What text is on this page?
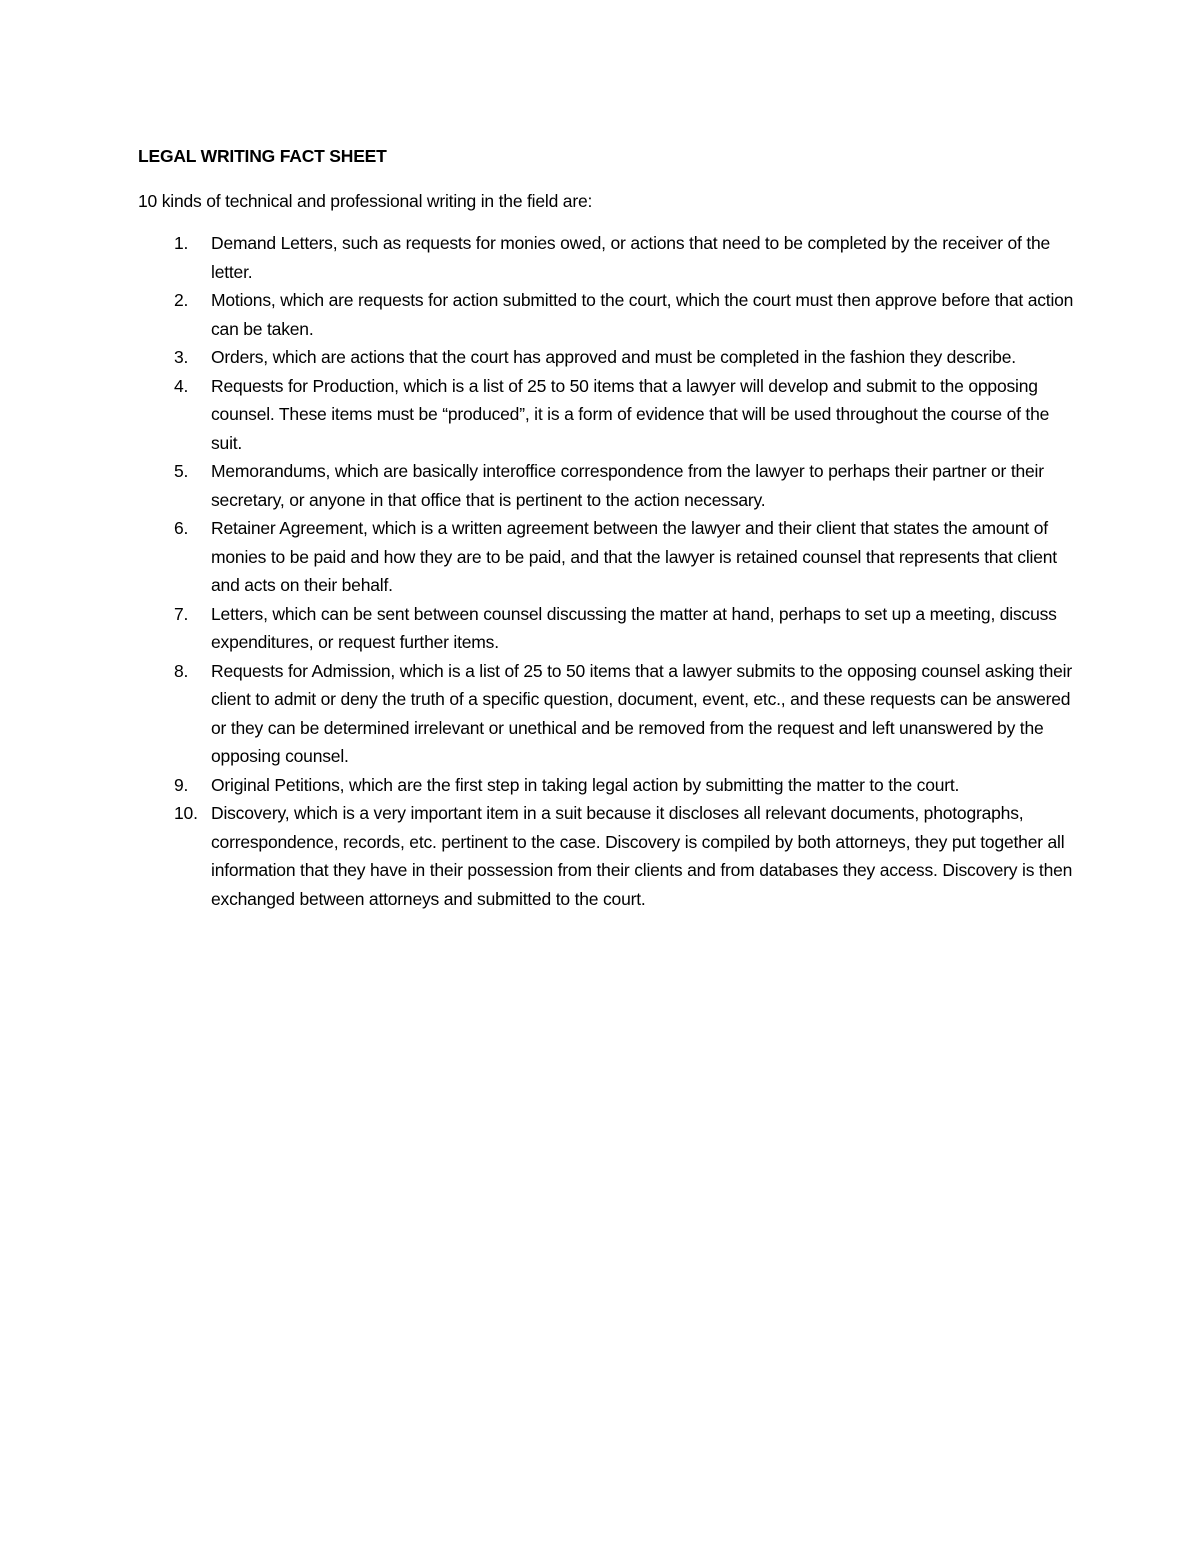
LEGAL WRITING FACT SHEET
10 kinds of technical and professional writing in the field are:
1. Demand Letters, such as requests for monies owed, or actions that need to be completed by the receiver of the letter.
2. Motions, which are requests for action submitted to the court, which the court must then approve before that action can be taken.
3. Orders, which are actions that the court has approved and must be completed in the fashion they describe.
4. Requests for Production, which is a list of 25 to 50 items that a lawyer will develop and submit to the opposing counsel. These items must be “produced”, it is a form of evidence that will be used throughout the course of the suit.
5. Memorandums, which are basically interoffice correspondence from the lawyer to perhaps their partner or their secretary, or anyone in that office that is pertinent to the action necessary.
6. Retainer Agreement, which is a written agreement between the lawyer and their client that states the amount of monies to be paid and how they are to be paid, and that the lawyer is retained counsel that represents that client and acts on their behalf.
7. Letters, which can be sent between counsel discussing the matter at hand, perhaps to set up a meeting, discuss expenditures, or request further items.
8. Requests for Admission, which is a list of 25 to 50 items that a lawyer submits to the opposing counsel asking their client to admit or deny the truth of a specific question, document, event, etc., and these requests can be answered or they can be determined irrelevant or unethical and be removed from the request and left unanswered by the opposing counsel.
9. Original Petitions, which are the first step in taking legal action by submitting the matter to the court.
10. Discovery, which is a very important item in a suit because it discloses all relevant documents, photographs, correspondence, records, etc. pertinent to the case. Discovery is compiled by both attorneys, they put together all information that they have in their possession from their clients and from databases they access. Discovery is then exchanged between attorneys and submitted to the court.
